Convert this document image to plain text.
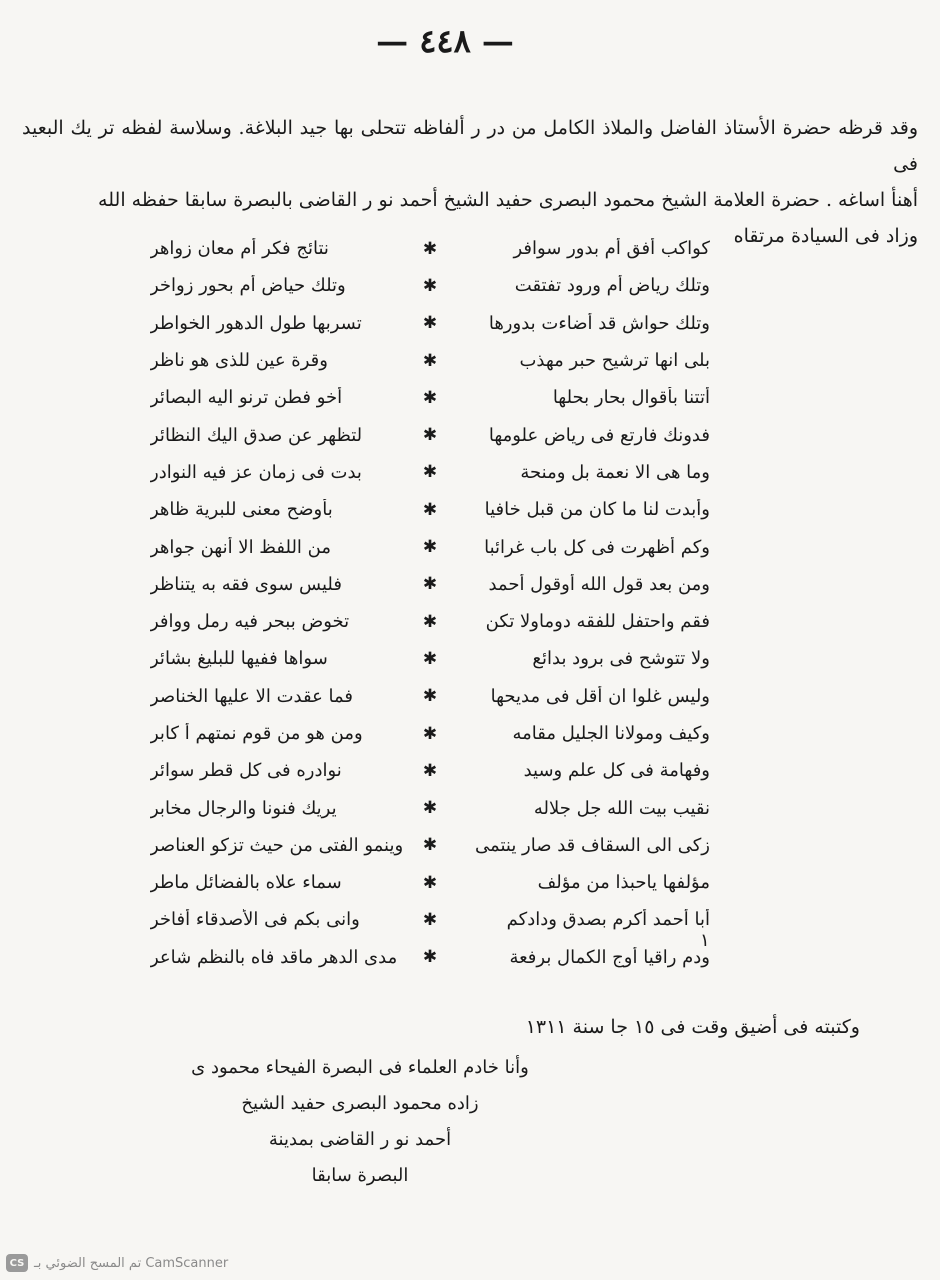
— ٤٤٨ —

وقد قرظه حضرة الأستاذ الفاضل والملاذ الكامل من در ر ألفاظه تتحلى بها جيد البلاغة. وسلاسة لفظه تر يك البعيد فى

أهنأ اساغه . حضرة العلامة الشيخ محمود البصرى حفيد الشيخ أحمد نو ر القاضى بالبصرة سابقا حفظه الله

وزاد فى السيادة مرتقاه

كواكب أفق أم بدور سوافر
✱
نتائج فكر أم معان زواهر
وتلك رياض أم ورود تفتقت
✱
وتلك حياض أم بحور زواخر
وتلك حواش قد أضاءت بدورها
✱
تسربها طول الدهور الخواطر
بلى انها ترشيح حبر مهذب
✱
وقرة عين للذى هو ناظر
أتتنا بأقوال بحار بحلها
✱
أخو فطن ترنو اليه البصائر
فدونك فارتع فى رياض علومها
✱
لتظهر عن صدق اليك النظائر
وما هى الا نعمة بل ومنحة
✱
بدت فى زمان عز فيه النوادر
وأبدت لنا ما كان من قبل خافيا
✱
بأوضح معنى للبرية ظاهر
وكم أظهرت فى كل باب غرائبا
✱
من اللفظ الا أنهن جواهر
ومن بعد قول الله أوقول أحمد
✱
فليس سوى فقه به يتناظر
فقم واحتفل للفقه دوماولا تكن
✱
تخوض ببحر فيه رمل ووافر
ولا تتوشح فى برود بدائع
✱
سواها ففيها للبليغ بشائر
وليس غلوا ان أقل فى مديحها
✱
فما عقدت الا عليها الخناصر
وكيف ومولانا الجليل مقامه
✱
ومن هو من قوم نمتهم أ كابر
وفهامة فى كل علم وسيد
✱
نوادره فى كل قطر سوائر
نقيب بيت الله جل جلاله
✱
يريك فنونا والرجال مخابر
زكى الى السقاف قد صار ينتمى
✱
وينمو الفتى من حيث تزكو العناصر
مؤلفها ياحبذا من مؤلف
✱
سماء علاه بالفضائل ماطر
أبا أحمد أكرم بصدق ودادكم
✱
وانى بكم فى الأصدقاء أفاخر
ودم راقيا أوج الكمال برفعة
✱
مدى الدهر ماقد فاه بالنظم شاعر
١
وكتبته فى أضيق وقت فى ١٥ جا سنة ١٣١١
وأنا خادم العلماء فى البصرة الفيحاء محمود ى
زاده محمود البصرى حفيد الشيخ
أحمد نو ر القاضى بمدينة
البصرة سابقا
CS تم المسح الضوئي بـ CamScanner
